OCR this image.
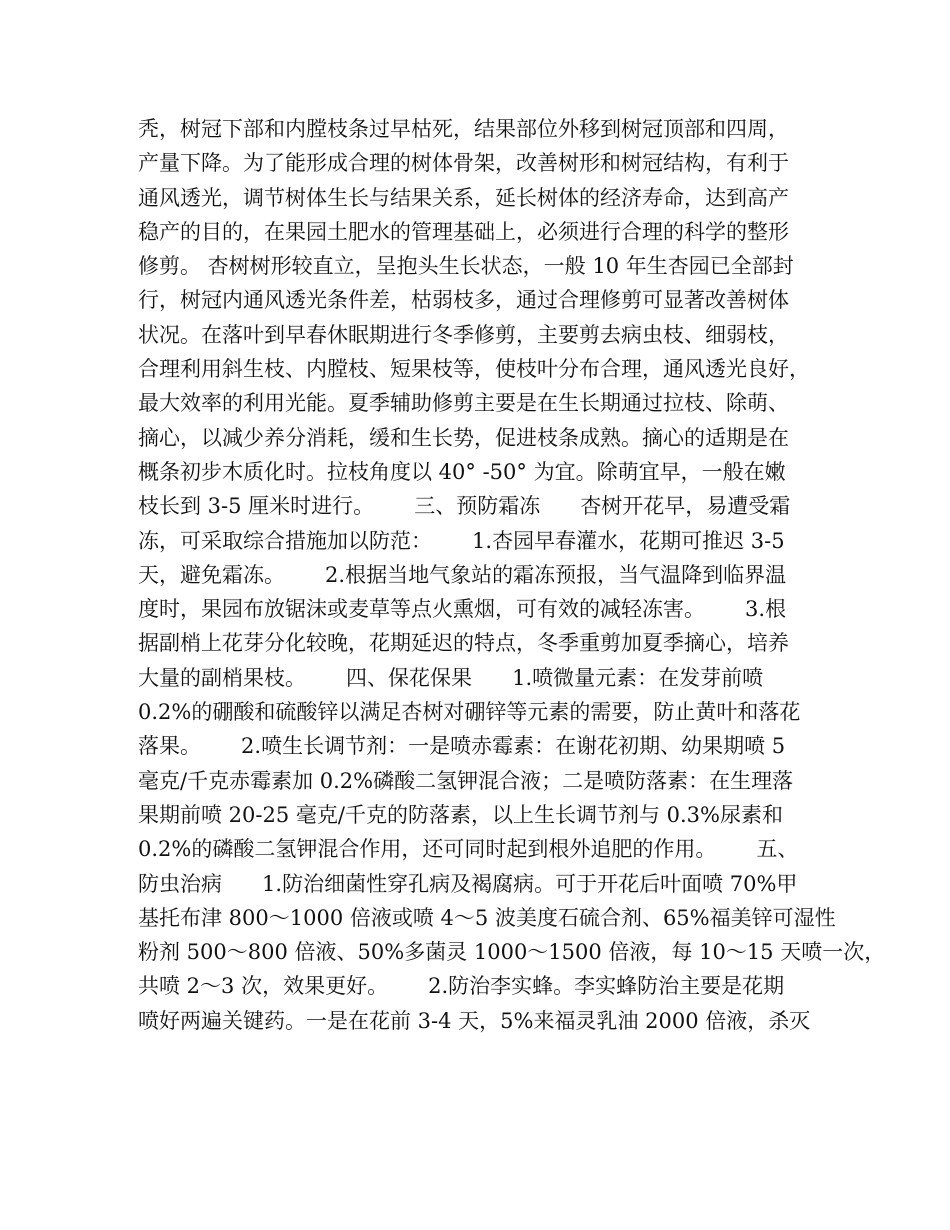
秃，树冠下部和内膛枝条过早枯死，结果部位外移到树冠顶部和四周，
产量下降。为了能形成合理的树体骨架，改善树形和树冠结构，有利于
通风透光，调节树体生长与结果关系，延长树体的经济寿命，达到高产
稳产的目的，在果园土肥水的管理基础上，必须进行合理的科学的整形
修剪。 杏树树形较直立，呈抱头生长状态，一般 10 年生杏园已全部封
行，树冠内通风透光条件差，枯弱枝多，通过合理修剪可显著改善树体
状况。在落叶到早春休眠期进行冬季修剪，主要剪去病虫枝、细弱枝，
合理利用斜生枝、内膛枝、短果枝等，使枝叶分布合理，通风透光良好，
最大效率的利用光能。夏季辅助修剪主要是在生长期通过拉枝、除萌、
摘心，以减少养分消耗，缓和生长势，促进枝条成熟。摘心的适期是在
概条初步木质化时。拉枝角度以 40° -50° 为宜。除萌宜早，一般在嫩
枝长到 3-5 厘米时进行。      三、预防霜冻      杏树开花早，易遭受霜
冻，可采取综合措施加以防范：      1.杏园早春灌水，花期可推迟 3-5
天，避免霜冻。      2.根据当地气象站的霜冻预报，当气温降到临界温
度时，果园布放锯沫或麦草等点火熏烟，可有效的减轻冻害。      3.根
据副梢上花芽分化较晚，花期延迟的特点，冬季重剪加夏季摘心，培养
大量的副梢果枝。      四、保花保果      1.喷微量元素：在发芽前喷
0.2%的硼酸和硫酸锌以满足杏树对硼锌等元素的需要，防止黄叶和落花
落果。      2.喷生长调节剂：一是喷赤霉素：在谢花初期、幼果期喷 5
毫克/千克赤霉素加 0.2%磷酸二氢钾混合液；二是喷防落素：在生理落
果期前喷 20-25 毫克/千克的防落素，以上生长调节剂与 0.3%尿素和
0.2%的磷酸二氢钾混合作用，还可同时起到根外追肥的作用。      五、
防虫治病      1.防治细菌性穿孔病及褐腐病。可于开花后叶面喷 70%甲
基托布津 800～1000 倍液或喷 4～5 波美度石硫合剂、65%福美锌可湿性
粉剂 500～800 倍液、50%多菌灵 1000～1500 倍液，每 10～15 天喷一次，
共喷 2～3 次，效果更好。      2.防治李实蜂。李实蜂防治主要是花期
喷好两遍关键药。一是在花前 3-4 天，5%来福灵乳油 2000 倍液，杀灭
